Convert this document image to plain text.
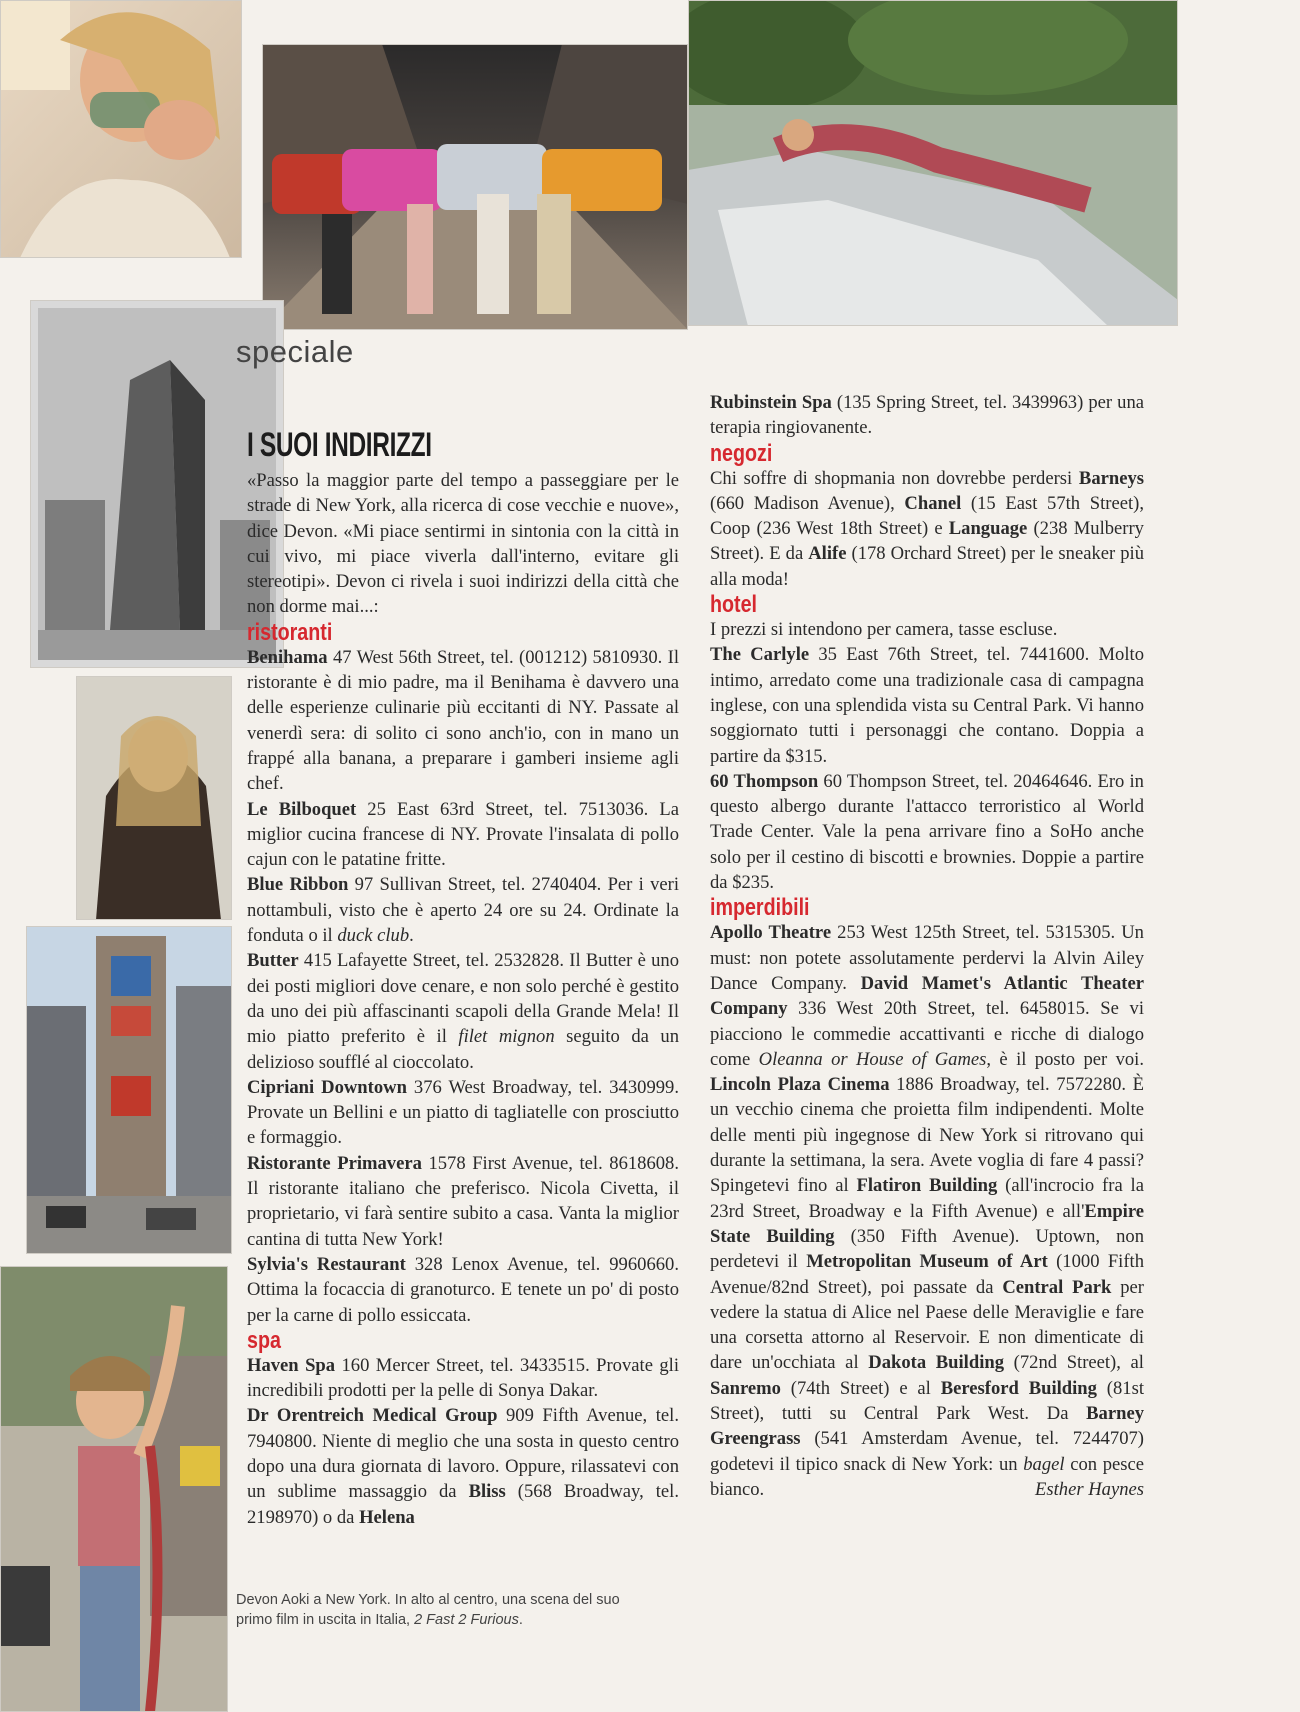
speciale
I SUOI INDIRIZZI

«Passo la maggior parte del tempo a passeggiare per le strade di New York, alla ricerca di cose vecchie e nuove», dice Devon. «Mi piace sentirmi in sintonia con la città in cui vivo, mi piace viverla dall'interno, evitare gli stereotipi». Devon ci rivela i suoi indirizzi della città che non dorme mai...:

ristoranti

Benihama 47 West 56th Street, tel. (001212) 5810930. Il ristorante è di mio padre, ma il Benihama è davvero una delle esperienze culinarie più eccitanti di NY. Passate al venerdì sera: di solito ci sono anch'io, con in mano un frappé alla banana, a preparare i gamberi insieme agli chef.

Le Bilboquet 25 East 63rd Street, tel. 7513036. La miglior cucina francese di NY. Provate l'insalata di pollo cajun con le patatine fritte.

Blue Ribbon 97 Sullivan Street, tel. 2740404. Per i veri nottambuli, visto che è aperto 24 ore su 24. Ordinate la fonduta o il duck club.

Butter 415 Lafayette Street, tel. 2532828. Il Butter è uno dei posti migliori dove cenare, e non solo perché è gestito da uno dei più affascinanti scapoli della Grande Mela! Il mio piatto preferito è il filet mignon seguito da un delizioso soufflé al cioccolato.

Cipriani Downtown 376 West Broadway, tel. 3430999. Provate un Bellini e un piatto di tagliatelle con prosciutto e formaggio.

Ristorante Primavera 1578 First Avenue, tel. 8618608. Il ristorante italiano che preferisco. Nicola Civetta, il proprietario, vi farà sentire subito a casa. Vanta la miglior cantina di tutta New York!

Sylvia's Restaurant 328 Lenox Avenue, tel. 9960660. Ottima la focaccia di granoturco. E tenete un po' di posto per la carne di pollo essiccata.

spa

Haven Spa 160 Mercer Street, tel. 3433515. Provate gli incredibili prodotti per la pelle di Sonya Dakar.

Dr Orentreich Medical Group 909 Fifth Avenue, tel. 7940800. Niente di meglio che una sosta in questo centro dopo una dura giornata di lavoro. Oppure, rilassatevi con un sublime massaggio da Bliss (568 Broadway, tel. 2198970) o da Helena

Rubinstein Spa (135 Spring Street, tel. 3439963) per una terapia ringiovanente.

negozi

Chi soffre di shopmania non dovrebbe perdersi Barneys (660 Madison Avenue), Chanel (15 East 57th Street), Coop (236 West 18th Street) e Language (238 Mulberry Street). E da Alife (178 Orchard Street) per le sneaker più alla moda!

hotel

I prezzi si intendono per camera, tasse escluse.

The Carlyle 35 East 76th Street, tel. 7441600. Molto intimo, arredato come una tradizionale casa di campagna inglese, con una splendida vista su Central Park. Vi hanno soggiornato tutti i personaggi che contano. Doppia a partire da $315.

60 Thompson 60 Thompson Street, tel. 20464646. Ero in questo albergo durante l'attacco terroristico al World Trade Center. Vale la pena arrivare fino a SoHo anche solo per il cestino di biscotti e brownies. Doppie a partire da $235.

imperdibili

Apollo Theatre 253 West 125th Street, tel. 5315305. Un must: non potete assolutamente perdervi la Alvin Ailey Dance Company. David Mamet's Atlantic Theater Company 336 West 20th Street, tel. 6458015. Se vi piacciono le commedie accattivanti e ricche di dialogo come Oleanna or House of Games, è il posto per voi. Lincoln Plaza Cinema 1886 Broadway, tel. 7572280. È un vecchio cinema che proietta film indipendenti. Molte delle menti più ingegnose di New York si ritrovano qui durante la settimana, la sera. Avete voglia di fare 4 passi? Spingetevi fino al Flatiron Building (all'incrocio fra la 23rd Street, Broadway e la Fifth Avenue) e all'Empire State Building (350 Fifth Avenue). Uptown, non perdetevi il Metropolitan Museum of Art (1000 Fifth Avenue/82nd Street), poi passate da Central Park per vedere la statua di Alice nel Paese delle Meraviglie e fare una corsetta attorno al Reservoir. E non dimenticate di dare un'occhiata al Dakota Building (72nd Street), al Sanremo (74th Street) e al Beresford Building (81st Street), tutti su Central Park West. Da Barney Greengrass (541 Amsterdam Avenue, tel. 7244707) godetevi il tipico snack di New York: un bagel con pesce bianco.	Esther Haynes

Devon Aoki a New York. In alto al centro, una scena del suo primo film in uscita in Italia, 2 Fast 2 Furious.
